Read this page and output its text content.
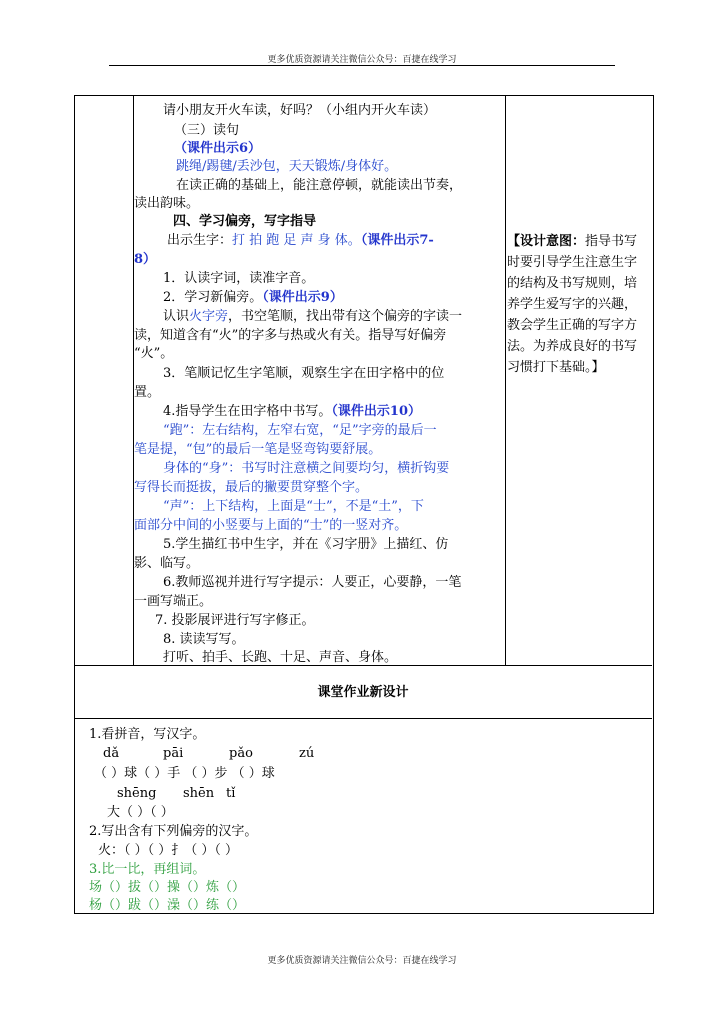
更多优质资源请关注微信公众号：百捷在线学习
请小朋友开火车读，好吗？（小组内开火车读）
（三）读句
（课件出示6）
跳绳/踢毽/丢沙包，天天锻炼/身体好。
在读正确的基础上，能注意停顿，就能读出节奏，
读出韵味。
四、学习偏旁，写字指导
出示生字：打 拍 跑 足 声 身 体。（课件出示7-
8）
1．认读字词，读准字音。
2．学习新偏旁。（课件出示9）
认识火字旁，书空笔顺，找出带有这个偏旁的字读一
读，知道含有“火”的字多与热或火有关。指导写好偏旁
“火”。
3．笔顺记忆生字笔顺，观察生字在田字格中的位
置。
4.指导学生在田字格中书写。（课件出示10）
“跑”：左右结构，左窄右宽，“足”字旁的最后一
笔是提，“包”的最后一笔是竖弯钩要舒展。
身体的“身”：书写时注意横之间要均匀，横折钩要
写得长而挺拔，最后的撇要贯穿整个字。
“声”：上下结构，上面是“士”，不是“土”，下
面部分中间的小竖要与上面的“士”的一竖对齐。
5.学生描红书中生字，并在《习字册》上描红、仿
影、临写。
6.教师巡视并进行写字提示：人要正，心要静，一笔
一画写端正。
7. 投影展评进行写字修正。
8. 读读写写。
打听、拍手、长跑、十足、声音、身体。
【设计意图：指导书写
时要引导学生注意生字
的结构及书写规则，培
养学生爱写字的兴趣，
教会学生正确的写字方
法。为养成良好的书写
习惯打下基础。】
课堂作业新设计
1.看拼音，写汉字。
dǎ	pāi	pǎo	zú
（ ）球（ ）手 （ ）步 （ ）球
shēng shēn tǐ
大（ ）（ ）
2.写出含有下列偏旁的汉字。
火：（ ）（ ）扌（ ）（ ）
3.比一比，再组词。
场（）拔（）操（）炼（）
杨（）跋（）澡（）练（）
更多优质资源请关注微信公众号：百捷在线学习
